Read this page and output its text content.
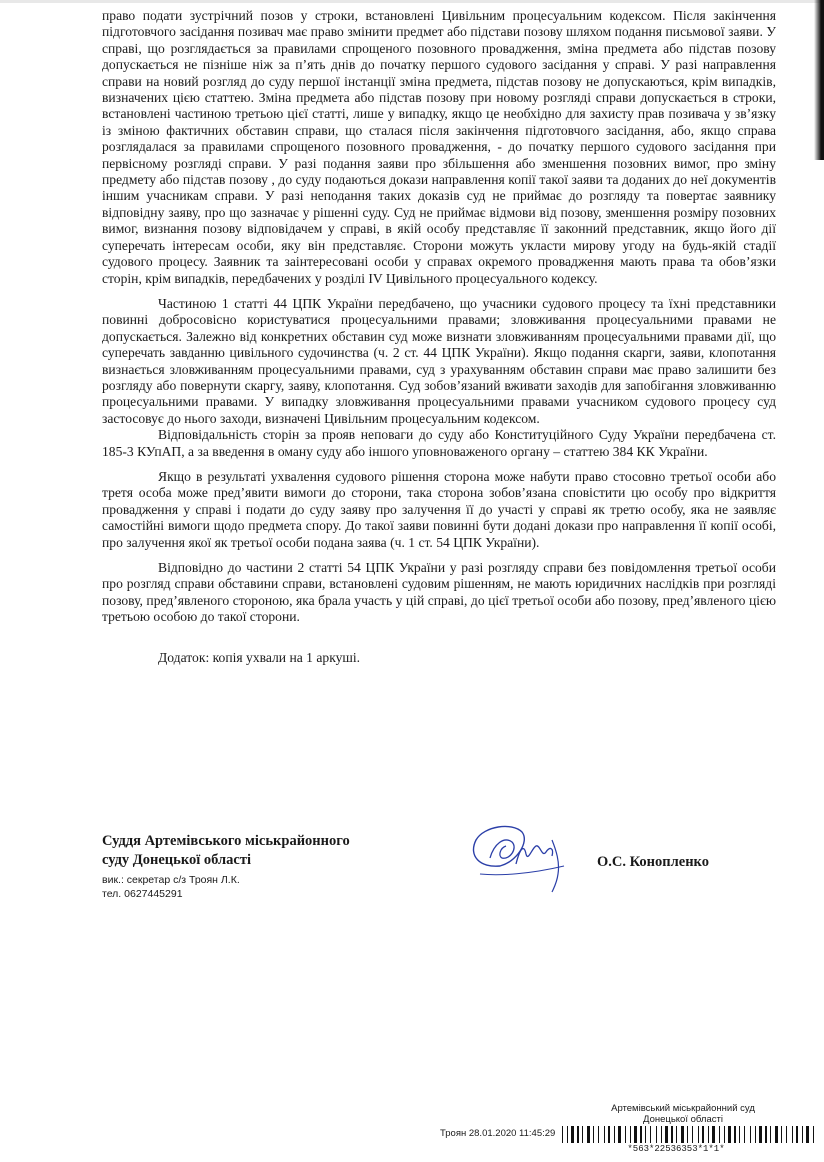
право подати зустрічний позов у строки, встановлені Цивільним процесуальним кодексом. Після закінчення підготовчого засідання позивач має право змінити предмет або підстави позову шляхом подання письмової заяви. У справі, що розглядається за правилами спрощеного позовного провадження, зміна предмета або підстав позову допускається не пізніше ніж за п’ять днів до початку першого судового засідання у справі. У разі направлення справи на новий розгляд до суду першої інстанції зміна предмета, підстав позову не допускаються, крім випадків, визначених цією статтею. Зміна предмета або підстав позову при новому розгляді справи допускається в строки, встановлені частиною третьою цієї статті, лише у випадку, якщо це необхідно для захисту прав позивача у зв’язку із зміною фактичних обставин справи, що сталася після закінчення підготовчого засідання, або, якщо справа розглядалася за правилами спрощеного позовного провадження, - до початку першого судового засідання при первісному розгляді справи. У разі подання заяви про збільшення або зменшення позовних вимог, про зміну предмету або підстав позову , до суду подаються докази направлення копії такої заяви та доданих до неї документів іншим учасникам справи. У разі неподання таких доказів суд не приймає до розгляду та повертає заявнику відповідну заяву, про що зазначає у рішенні суду. Суд не приймає відмови від позову, зменшення розміру позовних вимог, визнання позову відповідачем у справі, в якій особу представляє її законний представник, якщо його дії суперечать інтересам особи, яку він представляє. Сторони можуть укласти мирову угоду на будь-якій стадії судового процесу. Заявник та заінтересовані особи у справах окремого провадження мають права та обов’язки сторін, крім випадків, передбачених у розділі IV Цивільного процесуального кодексу.

Частиною 1 статті 44 ЦПК України передбачено, що учасники судового процесу та їхні представники повинні добросовісно користуватися процесуальними правами; зловживання процесуальними правами не допускається. Залежно від конкретних обставин суд може визнати зловживанням процесуальними правами дії, що суперечать завданню цивільного судочинства (ч. 2 ст. 44 ЦПК України). Якщо подання скарги, заяви, клопотання визнається зловживанням процесуальними правами, суд з урахуванням обставин справи має право залишити без розгляду або повернути скаргу, заяву, клопотання. Суд зобов’язаний вживати заходів для запобігання зловживанню процесуальними правами. У випадку зловживання процесуальними правами учасником судового процесу суд застосовує до нього заходи, визначені Цивільним процесуальним кодексом.

Відповідальність сторін за прояв неповаги до суду або Конституційного Суду України передбачена ст. 185-3 КУпАП, а за введення в оману суду або іншого уповноваженого органу – статтею 384 КК України.

Якщо в результаті ухвалення судового рішення сторона може набути право стосовно третьої особи або третя особа може пред’явити вимоги до сторони, така сторона зобов’язана сповістити цю особу про відкриття провадження у справі і подати до суду заяву про залучення її до участі у справі як третю особу, яка не заявляє самостійні вимоги щодо предмета спору. До такої заяви повинні бути додані докази про направлення її копії особі, про залучення якої як третьої особи подана заява (ч. 1 ст. 54 ЦПК України).

Відповідно до частини 2 статті 54 ЦПК України у разі розгляду справи без повідомлення третьої особи про розгляд справи обставини справи, встановлені судовим рішенням, не мають юридичних наслідків при розгляді позову, пред’явленого стороною, яка брала участь у цій справі, до цієї третьої особи або позову, пред’явленого цією третьою особою до такої сторони.

Додаток: копія ухвали на 1 аркуші.

Суддя Артемівського міськрайонного
суду Донецької області
вик.: секретар с/з Троян Л.К.
тел. 0627445291
О.С. Конопленко
Артемівський міськрайонний суд
Донецької області
Троян 28.01.2020 11:45:29
*563*22536353*1*1*
